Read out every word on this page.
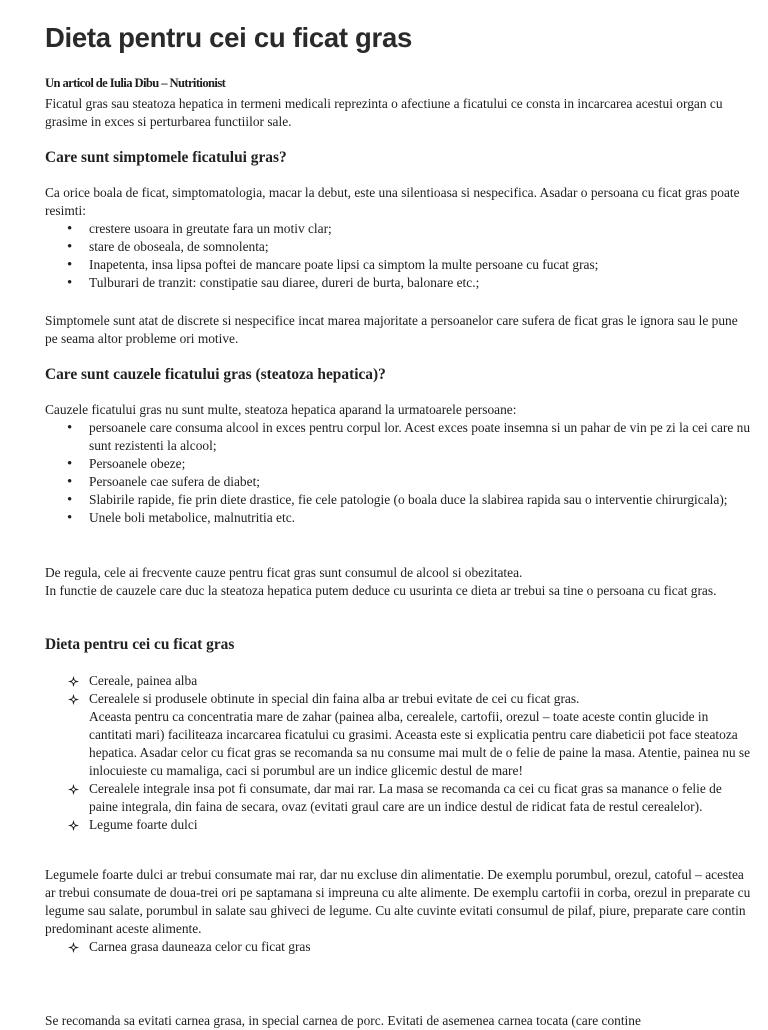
Dieta pentru cei cu ficat gras
Un articol de Iulia Dibu – Nutritionist

Ficatul gras sau steatoza hepatica in termeni medicali reprezinta o afectiune a ficatului ce consta in incarcarea acestui organ cu grasime in exces si perturbarea functiilor sale.

Care sunt simptomele ficatului gras?

Ca orice boala de ficat, simptomatologia, macar la debut, este una silentioasa si nespecifica. Asadar o persoana cu ficat gras poate resimti:

• crestere usoara in greutate fara un motiv clar;
• stare de oboseala, de somnolenta;
• Inapetenta, insa lipsa poftei de mancare poate lipsi ca simptom la multe persoane cu fucat gras;
• Tulburari de tranzit: constipatie sau diaree, dureri de burta, balonare etc.;

Simptomele sunt atat de discrete si nespecifice incat marea majoritate a persoanelor care sufera de ficat gras le ignora sau le pune pe seama altor probleme ori motive.

Care sunt cauzele ficatului gras (steatoza hepatica)?

Cauzele ficatului gras nu sunt multe, steatoza hepatica aparand la urmatoarele persoane:

• persoanele care consuma alcool in exces pentru corpul lor. Acest exces poate insemna si un pahar de vin pe zi la cei care nu sunt rezistenti la alcool;
• Persoanele obeze;
• Persoanele cae sufera de diabet;
• Slabirile rapide, fie prin diete drastice, fie cele patologie (o boala duce la slabirea rapida sau o interventie chirurgicala);
• Unele boli metabolice, malnutritia etc.

De regula, cele ai frecvente cauze pentru ficat gras sunt consumul de alcool si obezitatea.

In functie de cauzele care duc la steatoza hepatica putem deduce cu usurinta ce dieta ar trebui sa tine o persoana cu ficat gras.

Dieta pentru cei cu ficat gras
Cereale, painea alba
Cerealele si produsele obtinute in special din faina alba ar trebui evitate de cei cu ficat gras.
Aceasta pentru ca concentratia mare de zahar (painea alba, cerealele, cartofii, orezul – toate aceste contin glucide in cantitati mari) faciliteaza incarcarea ficatului cu grasimi. Aceasta este si explicatia pentru care diabeticii pot face steatoza hepatica. Asadar celor cu ficat gras se recomanda sa nu consume mai mult de o felie de paine la masa. Atentie, painea nu se inlocuieste cu mamaliga, caci si porumbul are un indice glicemic destul de mare!
Cerealele integrale insa pot fi consumate, dar mai rar. La masa se recomanda ca cei cu ficat gras sa manance o felie de paine integrala, din faina de secara, ovaz (evitati graul care are un indice destul de ridicat fata de restul cerealelor).
Legume foarte dulci

Legumele foarte dulci ar trebui consumate mai rar, dar nu excluse din alimentatie. De exemplu porumbul, orezul, catoful – acestea ar trebui consumate de doua-trei ori pe saptamana si impreuna cu alte alimente. De exemplu cartofii in corba, orezul in preparate cu legume sau salate, porumbul in salate sau ghiveci de legume. Cu alte cuvinte evitati consumul de pilaf, piure, preparate care contin predominant aceste alimente.

Carnea grasa dauneaza celor cu ficat gras

Se recomanda sa evitati carnea grasa, in special carnea de porc. Evitati de asemenea carnea tocata (care contine
